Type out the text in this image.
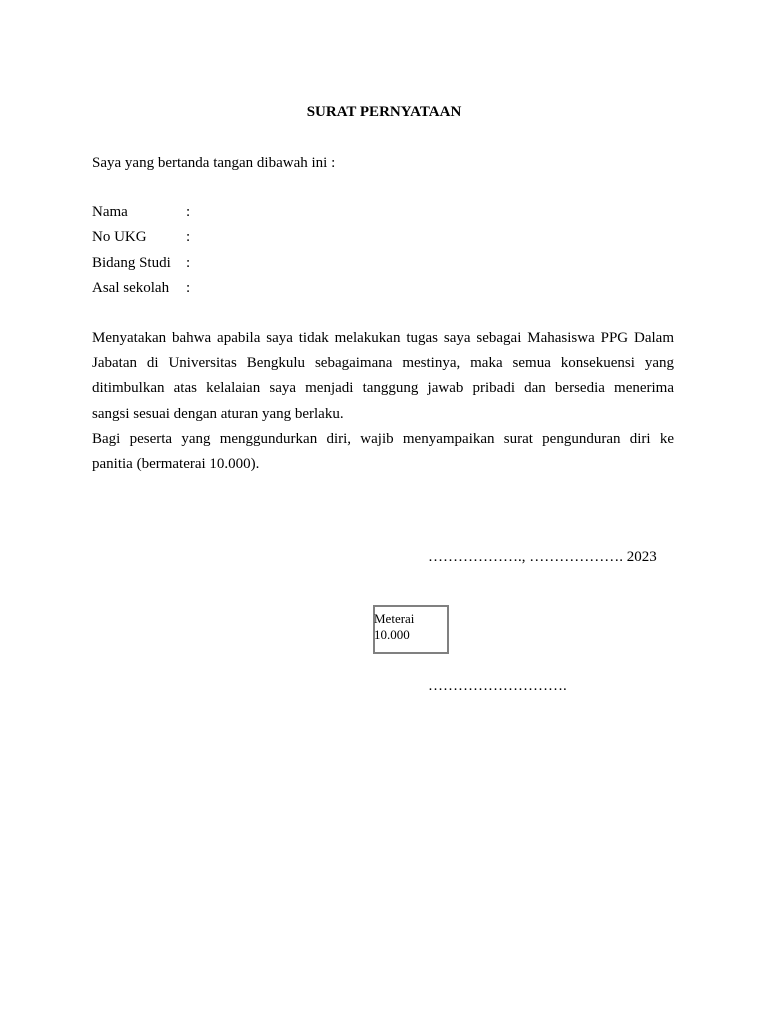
SURAT PERNYATAAN
Saya yang bertanda tangan dibawah ini :
Nama	:
No UKG	:
Bidang Studi	:
Asal sekolah	:
Menyatakan bahwa apabila saya tidak melakukan tugas saya sebagai Mahasiswa PPG Dalam
Jabatan di Universitas Bengkulu sebagaimana mestinya, maka semua konsekuensi yang
ditimbulkan atas kelalaian saya menjadi tanggung jawab pribadi dan bersedia menerima
sangsi sesuai dengan aturan yang berlaku.
Bagi peserta yang menggundurkan diri, wajib menyampaikan surat pengunduran diri ke
panitia (bermaterai 10.000).
………………., ………………. 2023
Meterai
10.000
……………………….
